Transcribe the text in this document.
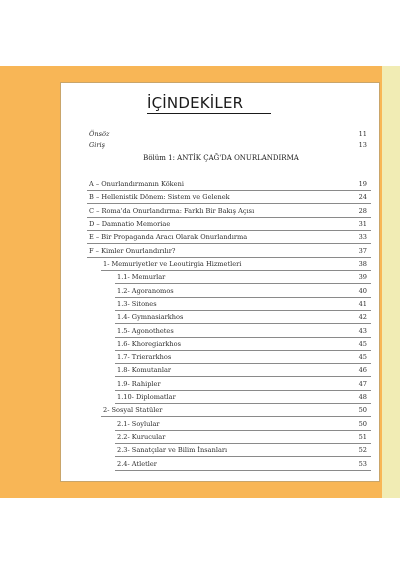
İÇİNDEKİLER
Önsöz	11
Giriş	13
Bölüm 1: ANTİK ÇAĞ'DA ONURLANDIRMA
A – Onurlandırmanın Kökeni	19
B – Hellenistik Dönem: Sistem ve Gelenek	24
C – Roma'da Onurlandırma: Farklı Bir Bakış Açısı	28
D – Damnatio Memoriae	31
E – Bir Propaganda Aracı Olarak Onurlandırma	33
F – Kimler Onurlandırılır?	37
1- Memuriyetler ve Leoutirgia Hizmetleri	38
1.1- Memurlar	39
1.2- Agoranomos	40
1.3- Sitones	41
1.4- Gymnasiarkhos	42
1.5- Agonothetes	43
1.6- Khoregiarkhos	45
1.7- Trierarkhos	45
1.8- Komutanlar	46
1.9- Rahipler	47
1.10- Diplomatlar	48
2- Sosyal Statüler	50
2.1- Soylular	50
2.2- Kurucular	51
2.3- Sanatçılar ve Bilim İnsanları	52
2.4- Atletler	53
